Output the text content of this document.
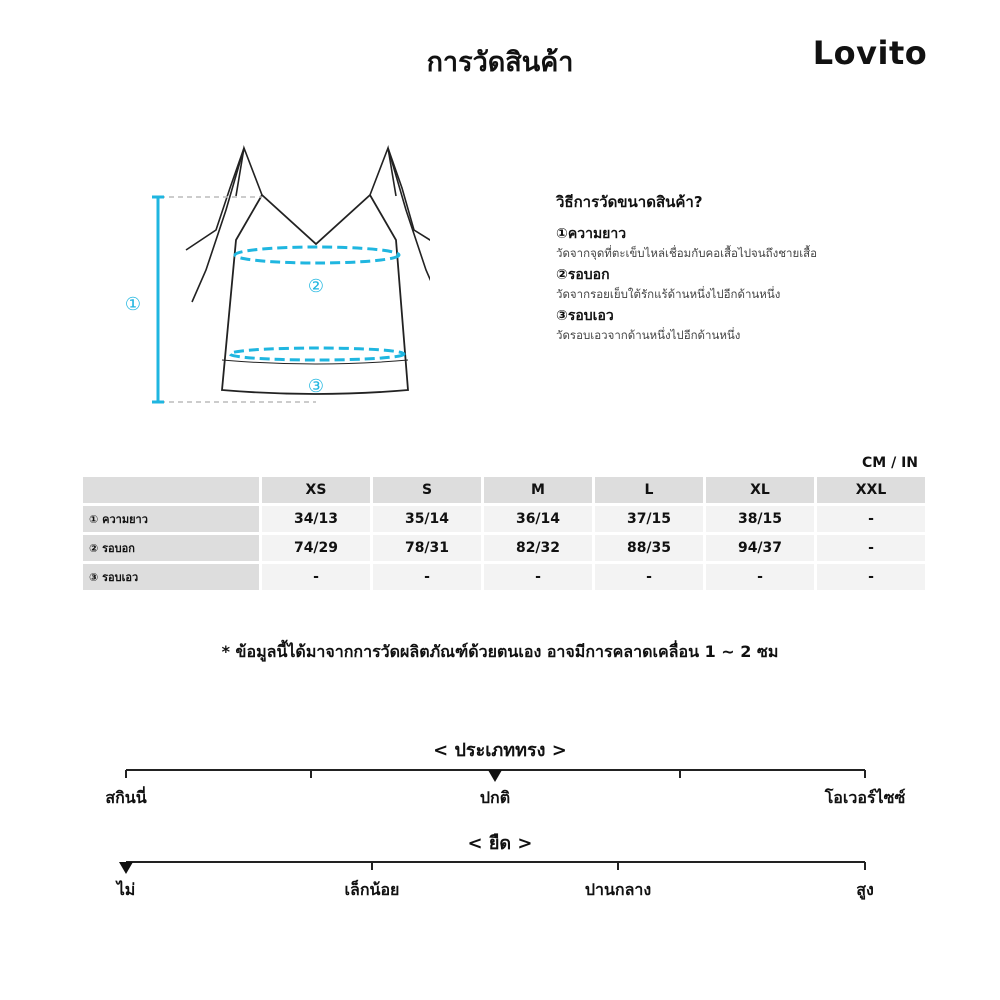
การวัดสินค้า	Lovito
①
②
③
วิธีการวัดขนาดสินค้า?
①ความยาว
วัดจากจุดที่ตะเข็บไหล่เชื่อมกับคอเสื้อไปจนถึงชายเสื้อ
②รอบอก
วัดจากรอยเย็บใต้รักแร้ด้านหนึ่งไปอีกด้านหนึ่ง
③รอบเอว
วัดรอบเอวจากด้านหนึ่งไปอีกด้านหนึ่ง
CM / IN
	XS	S	M	L	XL	XXL
① ความยาว	34/13	35/14	36/14	37/15	38/15	-
② รอบอก	74/29	78/31	82/32	88/35	94/37	-
③ รอบเอว	-	-	-	-	-	-
* ข้อมูลนี้ได้มาจากการวัดผลิตภัณฑ์ด้วยตนเอง อาจมีการคลาดเคลื่อน 1 ~ 2 ซม
< ประเภททรง >
สกินนี่	ปกติ	โอเวอร์ไซซ์
< ยืด >
ไม่	เล็กน้อย	ปานกลาง	สูง
